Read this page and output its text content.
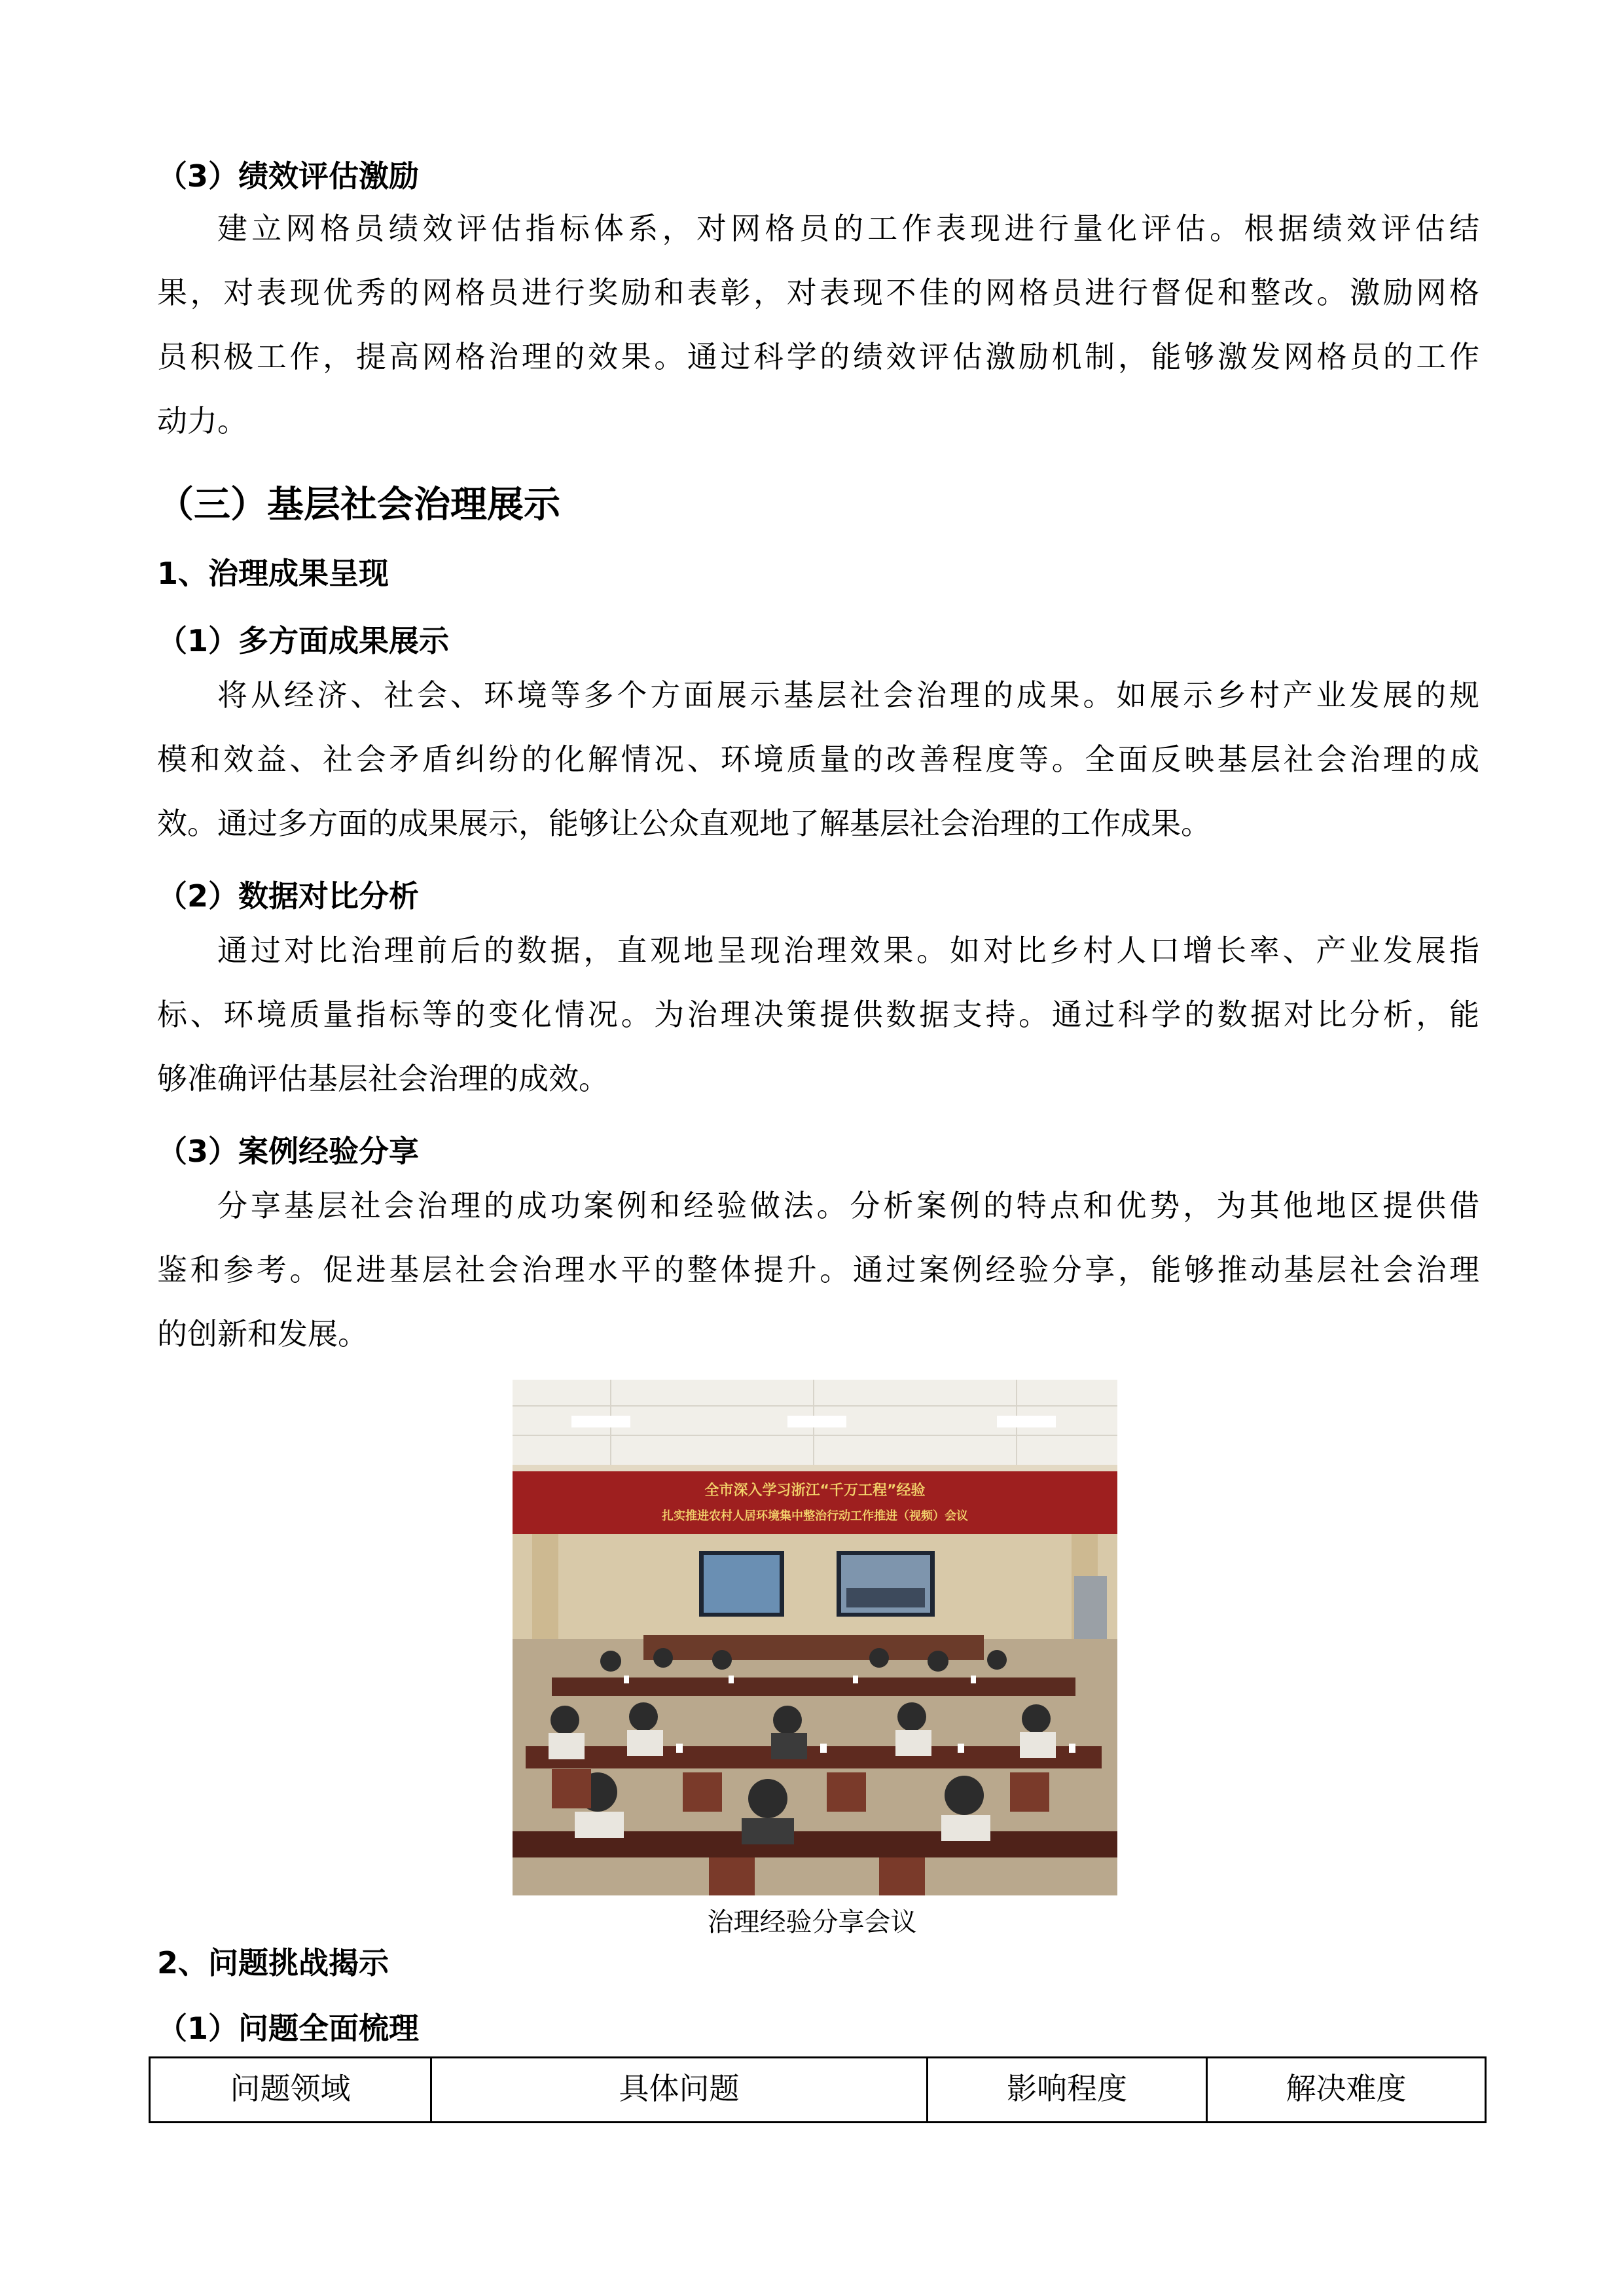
（3）绩效评估激励
建立网格员绩效评估指标体系，对网格员的工作表现进行量化评估。根据绩效评估结
果，对表现优秀的网格员进行奖励和表彰，对表现不佳的网格员进行督促和整改。激励网格
员积极工作，提高网格治理的效果。通过科学的绩效评估激励机制，能够激发网格员的工作
动力。
（三）基层社会治理展示
1、治理成果呈现
（1）多方面成果展示
将从经济、社会、环境等多个方面展示基层社会治理的成果。如展示乡村产业发展的规
模和效益、社会矛盾纠纷的化解情况、环境质量的改善程度等。全面反映基层社会治理的成
效。通过多方面的成果展示，能够让公众直观地了解基层社会治理的工作成果。
（2）数据对比分析
通过对比治理前后的数据，直观地呈现治理效果。如对比乡村人口增长率、产业发展指
标、环境质量指标等的变化情况。为治理决策提供数据支持。通过科学的数据对比分析，能
够准确评估基层社会治理的成效。
（3）案例经验分享
分享基层社会治理的成功案例和经验做法。分析案例的特点和优势，为其他地区提供借
鉴和参考。促进基层社会治理水平的整体提升。通过案例经验分享，能够推动基层社会治理
的创新和发展。
全市深入学习浙江“千万工程”经验
扎实推进农村人居环境集中整治行动工作推进（视频）会议
治理经验分享会议
2、问题挑战揭示
（1）问题全面梳理
问题领域	具体问题	影响程度	解决难度
